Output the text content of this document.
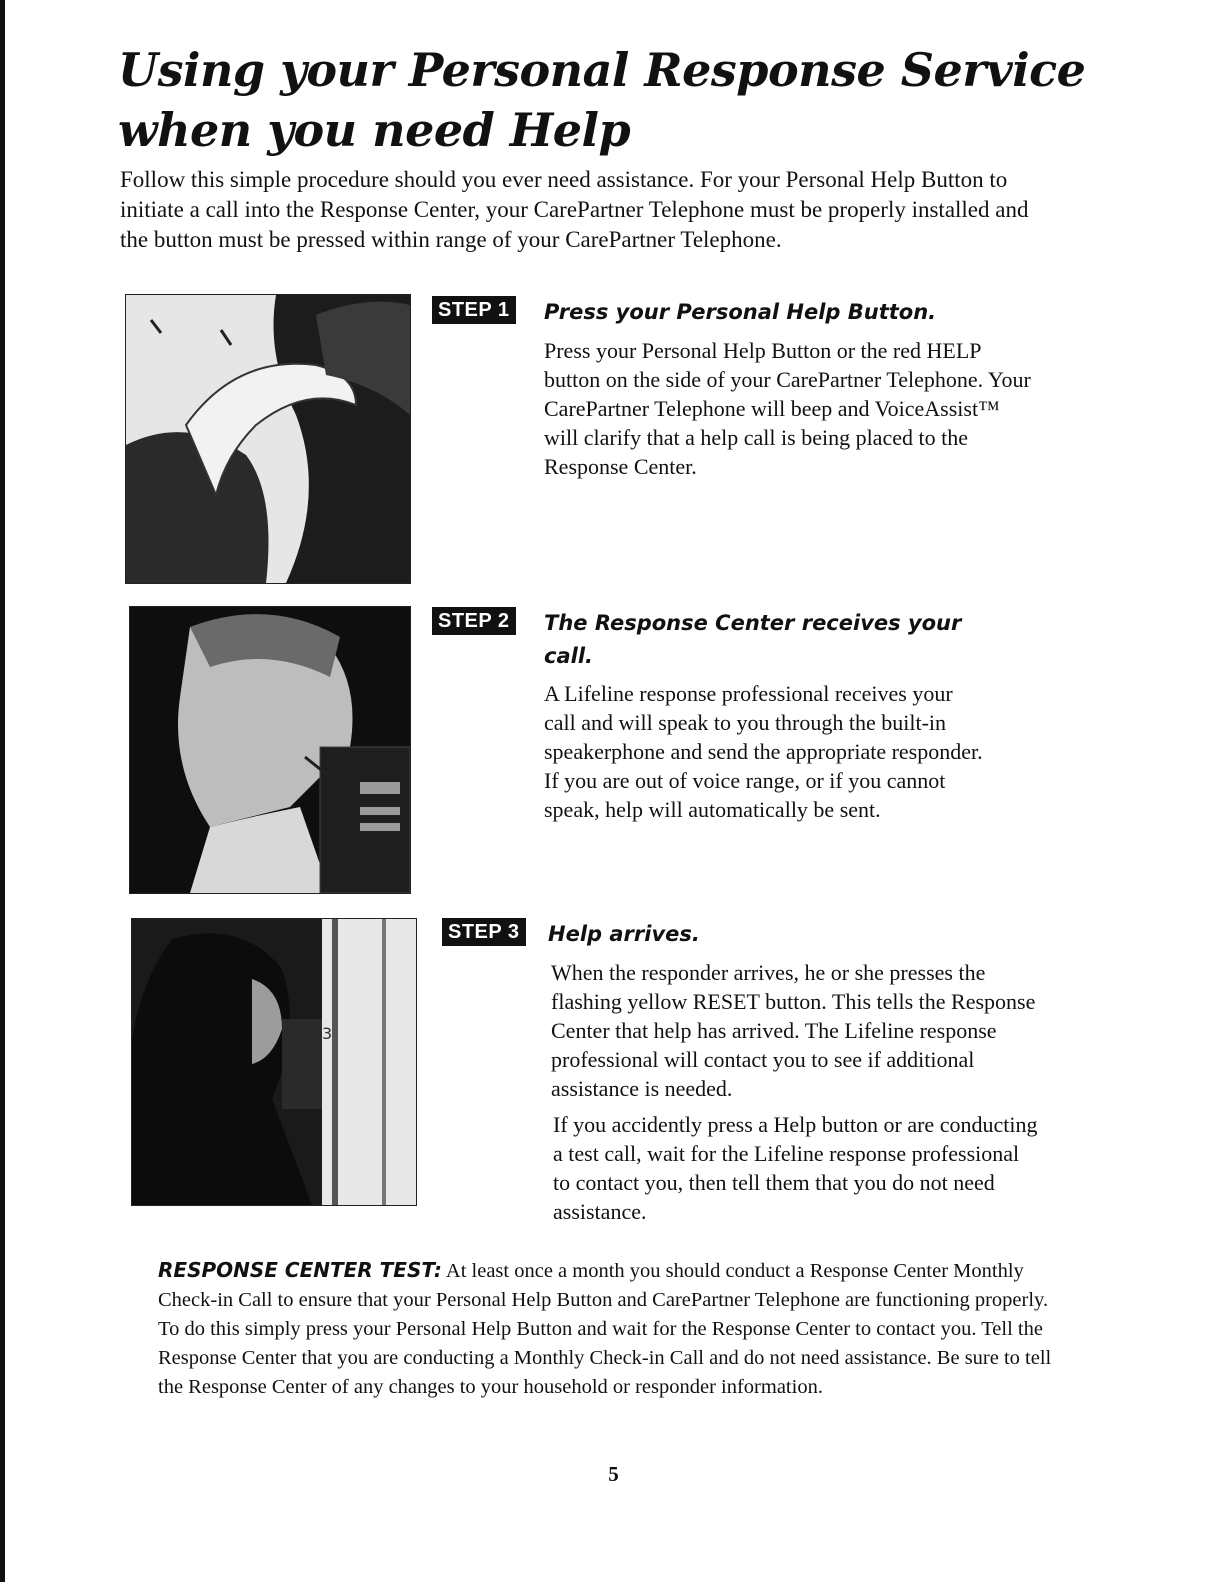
Using your Personal Response Service
when you need Help

Follow this simple procedure should you ever need assistance. For your Personal Help Button to initiate a call into the Response Center, your CarePartner Telephone must be properly installed and the button must be pressed within range of your CarePartner Telephone.

STEP 1 Press your Personal Help Button.

Press your Personal Help Button or the red HELP button on the side of your CarePartner Telephone. Your CarePartner Telephone will beep and VoiceAssist™ will clarify that a help call is being placed to the Response Center.

STEP 2 The Response Center receives your call.

A Lifeline response professional receives your call and will speak to you through the built-in speakerphone and send the appropriate responder. If you are out of voice range, or if you cannot speak, help will automatically be sent.

3
STEP 3 Help arrives.

When the responder arrives, he or she presses the flashing yellow RESET button. This tells the Response Center that help has arrived. The Lifeline response professional will contact you to see if additional assistance is needed.

If you accidently press a Help button or are conducting a test call, wait for the Lifeline response professional to contact you, then tell them that you do not need assistance.

RESPONSE CENTER TEST: At least once a month you should conduct a Response Center Monthly Check-in Call to ensure that your Personal Help Button and CarePartner Telephone are functioning properly. To do this simply press your Personal Help Button and wait for the Response Center to contact you. Tell the Response Center that you are conducting a Monthly Check-in Call and do not need assistance. Be sure to tell the Response Center of any changes to your household or responder information.

5
